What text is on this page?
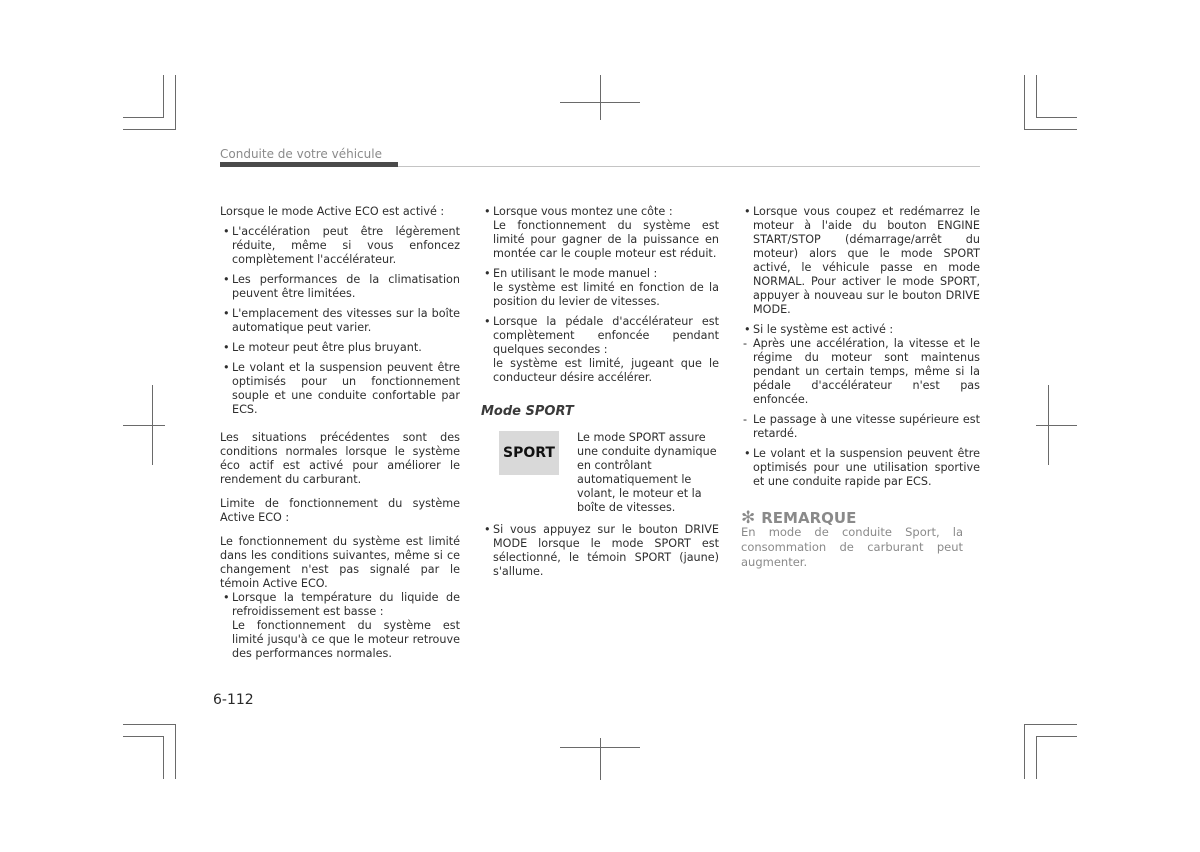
Conduite de votre véhicule

Lorsque le mode Active ECO est activé :

• L'accélération peut être légèrement réduite, même si vous enfoncez complètement l'accélérateur.
• Les performances de la climatisation peuvent être limitées.
• L'emplacement des vitesses sur la boîte automatique peut varier.
• Le moteur peut être plus bruyant.
• Le volant et la suspension peuvent être optimisés pour un fonctionnement souple et une conduite confortable par ECS.

Les situations précédentes sont des conditions normales lorsque le système éco actif est activé pour améliorer le rendement du carburant.

Limite de fonctionnement du système Active ECO :

Le fonctionnement du système est limité dans les conditions suivantes, même si ce changement n'est pas signalé par le témoin Active ECO.

• Lorsque la température du liquide de refroidissement est basse :
Le fonctionnement du système est limité jusqu'à ce que le moteur retrouve des performances normales.
• Lorsque vous montez une côte :
Le fonctionnement du système est limité pour gagner de la puissance en montée car le couple moteur est réduit.
• En utilisant le mode manuel :
le système est limité en fonction de la position du levier de vitesses.
• Lorsque la pédale d'accélérateur est complètement enfoncée pendant quelques secondes :
le système est limité, jugeant que le conducteur désire accélérer.
Mode SPORT
SPORT
Le mode SPORT assure une conduite dynamique en contrôlant automatiquement le volant, le moteur et la boîte de vitesses.
• Si vous appuyez sur le bouton DRIVE MODE lorsque le mode SPORT est sélectionné, le témoin SPORT (jaune) s'allume.
• Lorsque vous coupez et redémarrez le moteur à l'aide du bouton ENGINE START/STOP (démarrage/arrêt du moteur) alors que le mode SPORT activé, le véhicule passe en mode NORMAL. Pour activer le mode SPORT, appuyer à nouveau sur le bouton DRIVE MODE.
• Si le système est activé :
- Après une accélération, la vitesse et le régime du moteur sont maintenus pendant un certain temps, même si la pédale d'accélérateur n'est pas enfoncée.
- Le passage à une vitesse supérieure est retardé.
• Le volant et la suspension peuvent être optimisés pour une utilisation sportive et une conduite rapide par ECS.
✻ REMARQUE

En mode de conduite Sport, la consommation de carburant peut augmenter.

6-112
